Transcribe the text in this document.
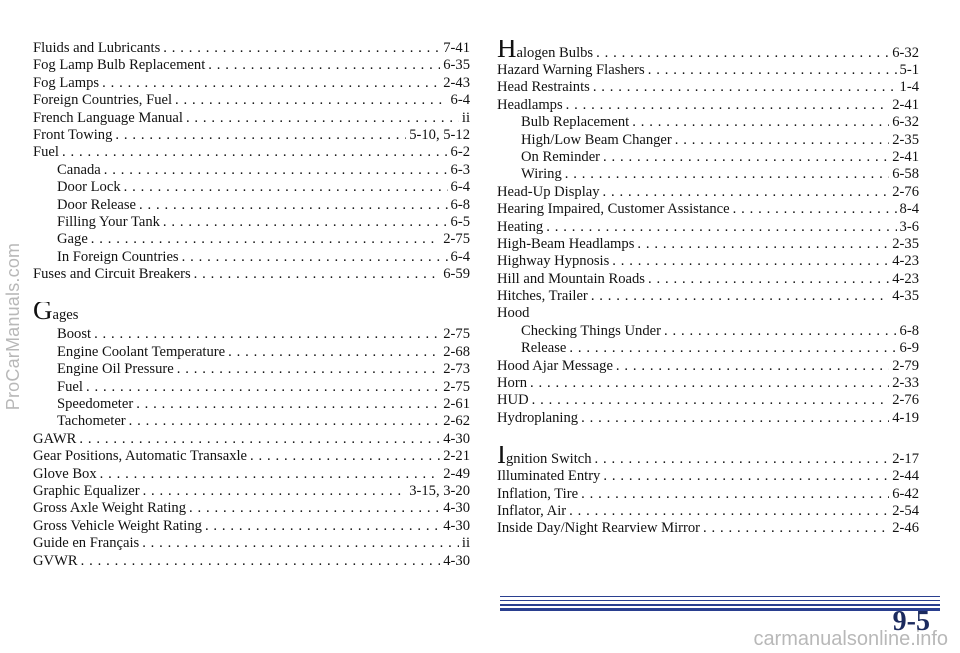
ProCarManuals.com
Fluids and Lubricants . . .	7-41
Fog Lamp Bulb Replacement . . .	6-35
Fog Lamps . . .	2-43
Foreign Countries, Fuel . . .	6-4
French Language Manual . . .	ii
Front Towing . . .	5-10, 5-12
Fuel . . .	6-2
Canada . . .	6-3
Door Lock . . .	6-4
Door Release . . .	6-8
Filling Your Tank . . .	6-5
Gage . . .	2-75
In Foreign Countries . . .	6-4
Fuses and Circuit Breakers . . .	6-59
Gages
Boost . . .	2-75
Engine Coolant Temperature . . .	2-68
Engine Oil Pressure . . .	2-73
Fuel . . .	2-75
Speedometer . . .	2-61
Tachometer . . .	2-62
GAWR . . .	4-30
Gear Positions, Automatic Transaxle . . .	2-21
Glove Box . . .	2-49
Graphic Equalizer . . .	3-15, 3-20
Gross Axle Weight Rating . . .	4-30
Gross Vehicle Weight Rating . . .	4-30
Guide en Français . . .	ii
GVWR . . .	4-30
Halogen Bulbs . . .	6-32
Hazard Warning Flashers . . .	5-1
Head Restraints . . .	1-4
Headlamps . . .	2-41
Bulb Replacement . . .	6-32
High/Low Beam Changer . . .	2-35
On Reminder . . .	2-41
Wiring . . .	6-58
Head-Up Display . . .	2-76
Hearing Impaired, Customer Assistance . . .	8-4
Heating . . .	3-6
High-Beam Headlamps . . .	2-35
Highway Hypnosis . . .	4-23
Hill and Mountain Roads . . .	4-23
Hitches, Trailer . . .	4-35
Hood
Checking Things Under . . .	6-8
Release . . .	6-9
Hood Ajar Message . . .	2-79
Horn . . .	2-33
HUD . . .	2-76
Hydroplaning . . .	4-19
Ignition Switch . . .	2-17
Illuminated Entry . . .	2-44
Inflation, Tire . . .	6-42
Inflator, Air . . .	2-54
Inside Day/Night Rearview Mirror . . .	2-46
9-5
carmanualsonline.info
